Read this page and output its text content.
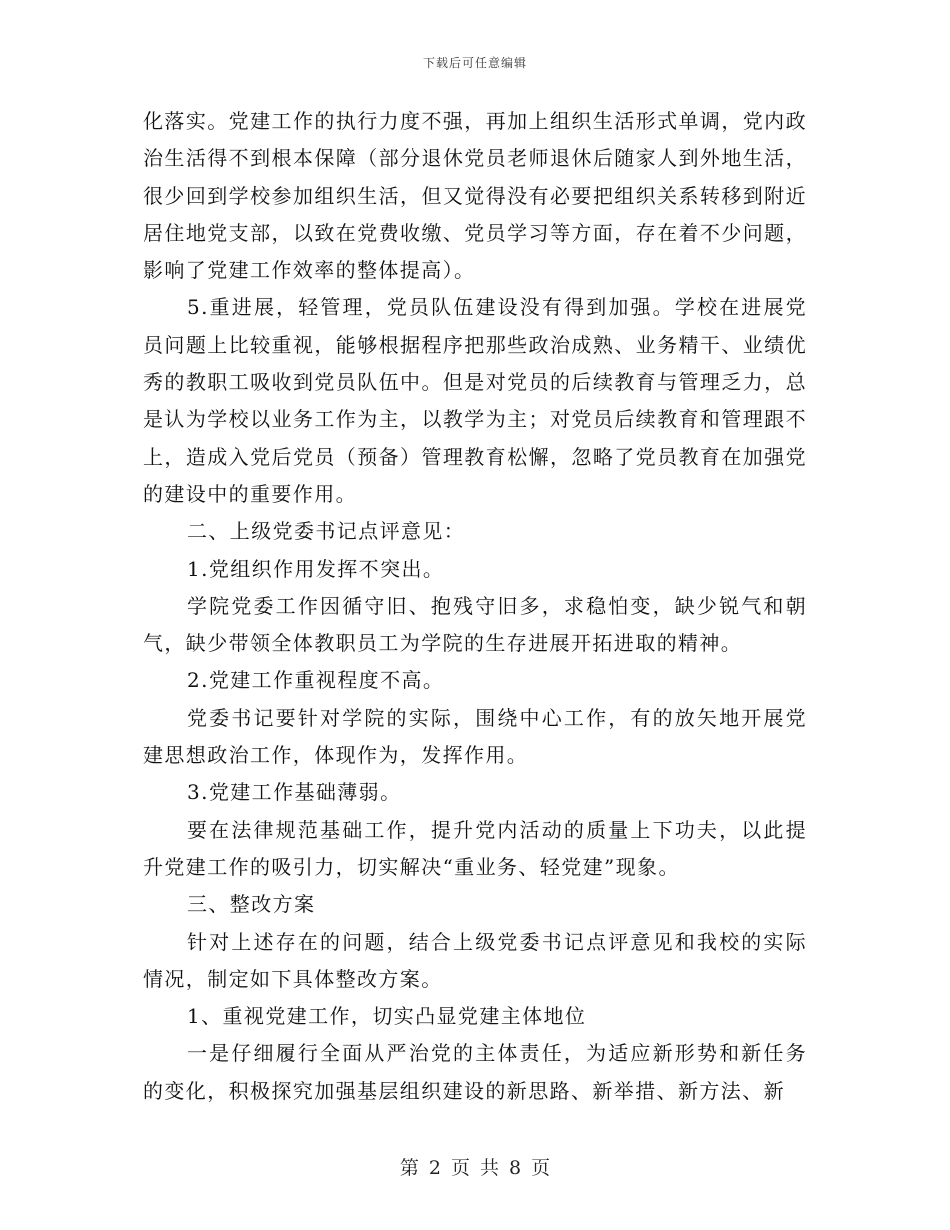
下载后可任意编辑

化落实。党建工作的执行力度不强，再加上组织生活形式单调，党内政治生活得不到根本保障（部分退休党员老师退休后随家人到外地生活，很少回到学校参加组织生活，但又觉得没有必要把组织关系转移到附近居住地党支部，以致在党费收缴、党员学习等方面，存在着不少问题，影响了党建工作效率的整体提高）。

5.重进展，轻管理，党员队伍建设没有得到加强。学校在进展党员问题上比较重视，能够根据程序把那些政治成熟、业务精干、业绩优秀的教职工吸收到党员队伍中。但是对党员的后续教育与管理乏力，总是认为学校以业务工作为主，以教学为主；对党员后续教育和管理跟不上，造成入党后党员（预备）管理教育松懈，忽略了党员教育在加强党的建设中的重要作用。

二、上级党委书记点评意见：

1.党组织作用发挥不突出。

学院党委工作因循守旧、抱残守旧多，求稳怕变，缺少锐气和朝气，缺少带领全体教职员工为学院的生存进展开拓进取的精神。

2.党建工作重视程度不高。

党委书记要针对学院的实际，围绕中心工作，有的放矢地开展党建思想政治工作，体现作为，发挥作用。

3.党建工作基础薄弱。

要在法律规范基础工作，提升党内活动的质量上下功夫，以此提升党建工作的吸引力，切实解决“重业务、轻党建”现象。

三、整改方案

针对上述存在的问题，结合上级党委书记点评意见和我校的实际情况，制定如下具体整改方案。

1、重视党建工作，切实凸显党建主体地位

一是仔细履行全面从严治党的主体责任，为适应新形势和新任务的变化，积极探究加强基层组织建设的新思路、新举措、新方法、新

第 2 页 共 8 页
